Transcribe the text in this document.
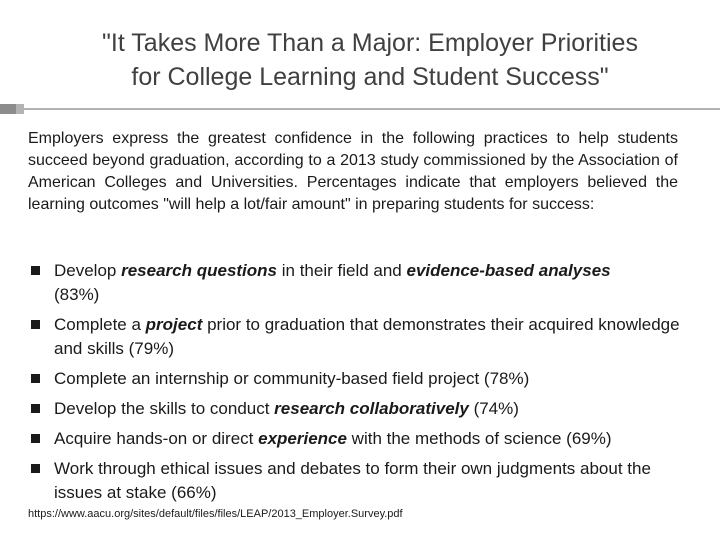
"It Takes More Than a Major: Employer Priorities
for College Learning and Student Success"

Employers express the greatest confidence in the following practices to help students succeed beyond graduation, according to a 2013 study commissioned by the Association of American Colleges and Universities. Percentages indicate that employers believed the learning outcomes "will help a lot/fair amount" in preparing students for success:

Develop research questions in their field and evidence-based analyses
(83%)
Complete a project prior to graduation that demonstrates their acquired knowledge and skills (79%)
Complete an internship or community-based field project (78%)
Develop the skills to conduct research collaboratively (74%)
Acquire hands-on or direct experience with the methods of science (69%)
Work through ethical issues and debates to form their own judgments about the issues at stake (66%)
https://www.aacu.org/sites/default/files/files/LEAP/2013_Employer.Survey.pdf
